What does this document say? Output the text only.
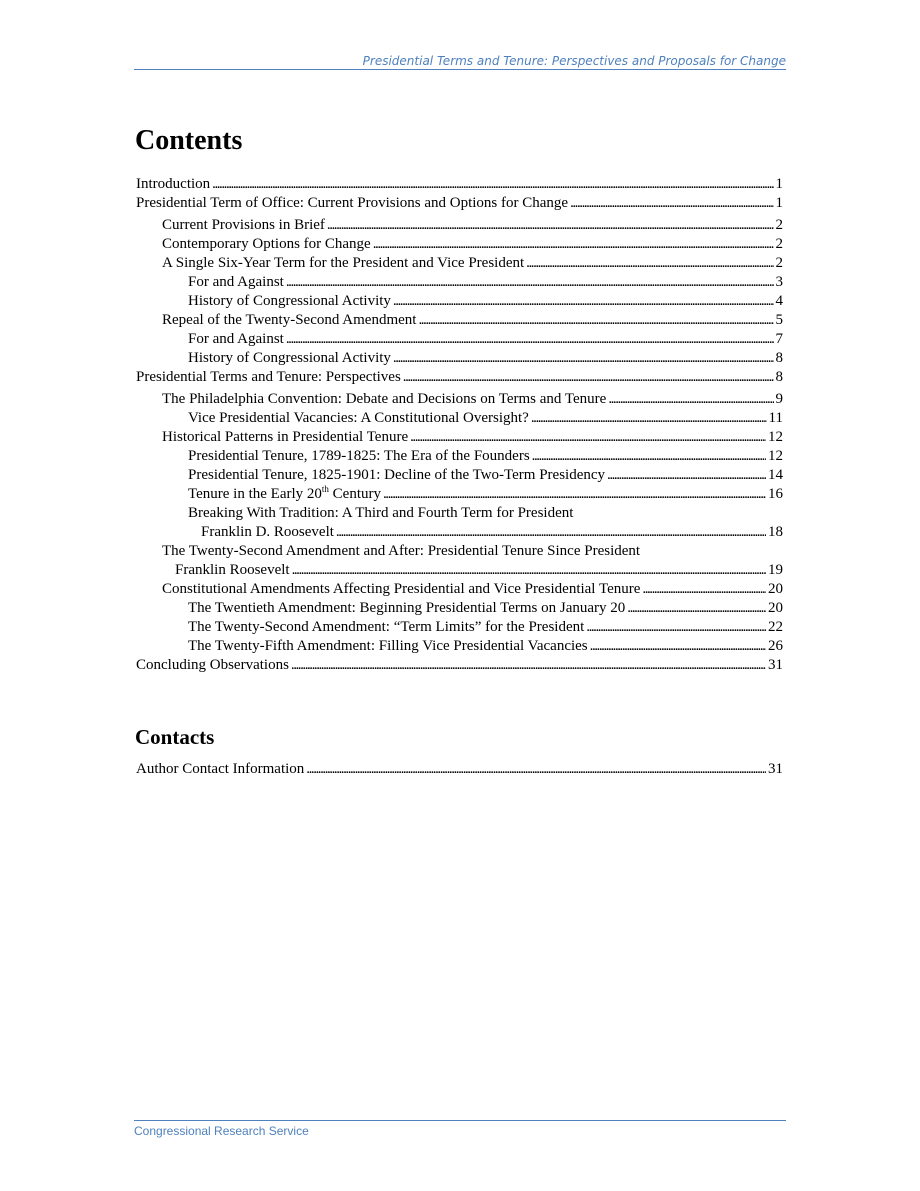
Presidential Terms and Tenure: Perspectives and Proposals for Change
Contents
Introduction . . .	1
Presidential Term of Office: Current Provisions and Options for Change . . .	1
Current Provisions in Brief . . .	2
Contemporary Options for Change . . .	2
A Single Six-Year Term for the President and Vice President . . .	2
For and Against . . .	3
History of Congressional Activity . . .	4
Repeal of the Twenty-Second Amendment . . .	5
For and Against . . .	7
History of Congressional Activity . . .	8
Presidential Terms and Tenure: Perspectives . . .	8
The Philadelphia Convention: Debate and Decisions on Terms and Tenure . . .	9
Vice Presidential Vacancies: A Constitutional Oversight? . . .	11
Historical Patterns in Presidential Tenure . . .	12
Presidential Tenure, 1789-1825: The Era of the Founders . . .	12
Presidential Tenure, 1825-1901: Decline of the Two-Term Presidency . . .	14
Tenure in the Early 20th Century . . .	16
Breaking With Tradition: A Third and Fourth Term for President
Franklin D. Roosevelt . . .	18
The Twenty-Second Amendment and After: Presidential Tenure Since President
Franklin Roosevelt . . .	19
Constitutional Amendments Affecting Presidential and Vice Presidential Tenure . . .	20
The Twentieth Amendment: Beginning Presidential Terms on January 20 . . .	20
The Twenty-Second Amendment: “Term Limits” for the President . . .	22
The Twenty-Fifth Amendment: Filling Vice Presidential Vacancies . . .	26
Concluding Observations . . .	31
Contacts
Author Contact Information . . .	31
Congressional Research Service
